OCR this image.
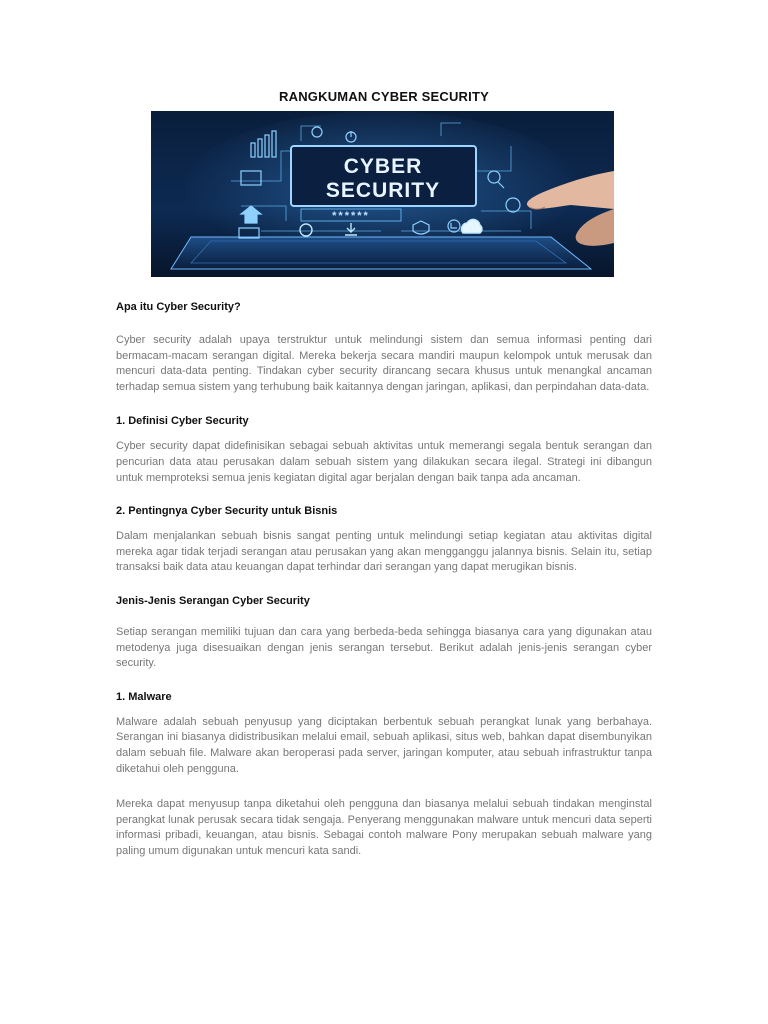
RANGKUMAN CYBER SECURITY
CYBER
SECURITY
******

Apa itu Cyber Security?

Cyber security adalah upaya terstruktur untuk melindungi sistem dan semua informasi penting dari bermacam-macam serangan digital. Mereka bekerja secara mandiri maupun kelompok untuk merusak dan mencuri data-data penting. Tindakan cyber security dirancang secara khusus untuk menangkal ancaman terhadap semua sistem yang terhubung baik kaitannya dengan jaringan, aplikasi, dan perpindahan data-data.

1. Definisi Cyber Security

Cyber security dapat didefinisikan sebagai sebuah aktivitas untuk memerangi segala bentuk serangan dan pencurian data atau perusakan dalam sebuah sistem yang dilakukan secara ilegal. Strategi ini dibangun untuk memproteksi semua jenis kegiatan digital agar berjalan dengan baik tanpa ada ancaman.

2. Pentingnya Cyber Security untuk Bisnis

Dalam menjalankan sebuah bisnis sangat penting untuk melindungi setiap kegiatan atau aktivitas digital mereka agar tidak terjadi serangan atau perusakan yang akan mengganggu jalannya bisnis. Selain itu, setiap transaksi baik data atau keuangan dapat terhindar dari serangan yang dapat merugikan bisnis.

Jenis-Jenis Serangan Cyber Security

Setiap serangan memiliki tujuan dan cara yang berbeda-beda sehingga biasanya cara yang digunakan atau metodenya juga disesuaikan dengan jenis serangan tersebut. Berikut adalah jenis-jenis serangan cyber security.

1. Malware

Malware adalah sebuah penyusup yang diciptakan berbentuk sebuah perangkat lunak yang berbahaya. Serangan ini biasanya didistribusikan melalui email, sebuah aplikasi, situs web, bahkan dapat disembunyikan dalam sebuah file. Malware akan beroperasi pada server, jaringan komputer, atau sebuah infrastruktur tanpa diketahui oleh pengguna.

Mereka dapat menyusup tanpa diketahui oleh pengguna dan biasanya melalui sebuah tindakan menginstal perangkat lunak perusak secara tidak sengaja. Penyerang menggunakan malware untuk mencuri data seperti informasi pribadi, keuangan, atau bisnis. Sebagai contoh malware Pony merupakan sebuah malware yang paling umum digunakan untuk mencuri kata sandi.
